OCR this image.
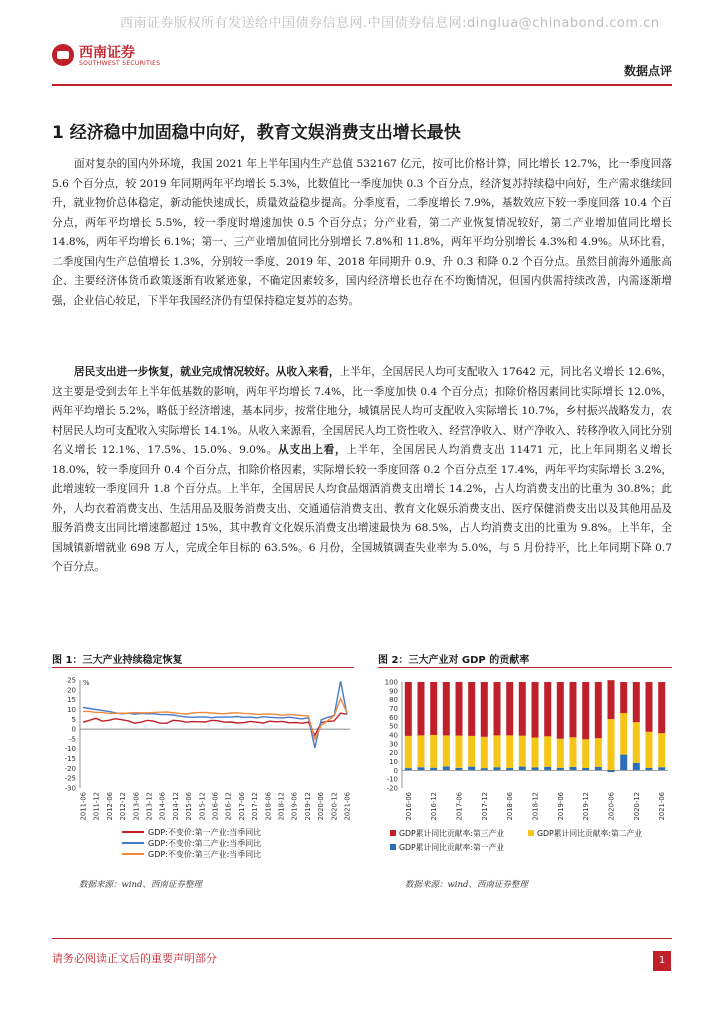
西南证券版权所有发送给中国债券信息网.中国债券信息网:dinglua@chinabond.com.cn
西南证券
SOUTHWEST SECURITIES
数据点评
1 经济稳中加固稳中向好，教育文娱消费支出增长最快

面对复杂的国内外环境，我国 2021 年上半年国内生产总值 532167 亿元，按可比价格计算，同比增长 12.7%，比一季度回落 5.6 个百分点，较 2019 年同期两年平均增长 5.3%，比数值比一季度加快 0.3 个百分点，经济复苏持续稳中向好，生产需求继续回升，就业物价总体稳定，新动能快速成长，质量效益稳步提高。分季度看，二季度增长 7.9%，基数效应下较一季度回落 10.4 个百分点，两年平均增长 5.5%，较一季度时增速加快 0.5 个百分点；分产业看，第二产业恢复情况较好，第二产业增加值同比增长 14.8%，两年平均增长 6.1%；第一、三产业增加值同比分别增长 7.8%和 11.8%，两年平均分别增长 4.3%和 4.9%。从环比看，二季度国内生产总值增长 1.3%，分别较一季度、2019 年、2018 年同期升 0.9、升 0.3 和降 0.2 个百分点。虽然目前海外通胀高企、主要经济体货币政策逐渐有收紧迹象，不确定因素较多，国内经济增长也存在不均衡情况，但国内供需持续改善，内需逐渐增强，企业信心较足，下半年我国经济仍有望保持稳定复苏的态势。

居民支出进一步恢复，就业完成情况较好。从收入来看，上半年，全国居民人均可支配收入 17642 元，同比名义增长 12.6%，这主要是受到去年上半年低基数的影响，两年平均增长 7.4%，比一季度加快 0.4 个百分点；扣除价格因素同比实际增长 12.0%，两年平均增长 5.2%，略低于经济增速，基本同步，按常住地分，城镇居民人均可支配收入实际增长 10.7%，乡村振兴战略发力，农村居民人均可支配收入实际增长 14.1%。从收入来源看，全国居民人均工资性收入、经营净收入、财产净收入、转移净收入同比分别名义增长 12.1%、17.5%、15.0%、9.0%。从支出上看，上半年，全国居民人均消费支出 11471 元，比上年同期名义增长 18.0%，较一季度回升 0.4 个百分点，扣除价格因素，实际增长较一季度回落 0.2 个百分点至 17.4%，两年平均实际增长 3.2%，此增速较一季度回升 1.8 个百分点。上半年，全国居民人均食品烟酒消费支出增长 14.2%，占人均消费支出的比重为 30.8%；此外，人均衣着消费支出、生活用品及服务消费支出、交通通信消费支出、教育文化娱乐消费支出、医疗保健消费支出以及其他用品及服务消费支出同比增速都超过 15%，其中教育文化娱乐消费支出增速最快为 68.5%，占人均消费支出的比重为 9.8%。上半年，全国城镇新增就业 698 万人，完成全年目标的 63.5%。6 月份，全国城镇调查失业率为 5.0%，与 5 月份持平，比上年同期下降 0.7 个百分点。

图 1：三大产业持续稳定恢复
%
25
20
15
10
5
0
-5
-10
-15
-20
-25
-30
2011-06 2011-12 2012-06 2012-12 2013-06 2013-12 2014-06 2014-12 2015-06 2015-12 2016-06 2016-12 2017-06 2017-12 2018-06 2018-12 2019-06 2019-12 2020-06 2020-12 2021-06
GDP:不变价:第一产业:当季同比
GDP:不变价:第二产业:当季同比
GDP:不变价:第三产业:当季同比
数据来源：wind、西南证券整理
图 2：三大产业对 GDP 的贡献率
100
90
80
70
60
50
40
30
20
10
0
-10
-20
2016-06	2016-12	2017-06	2017-12	2018-06	2018-12	2019-06	2019-12	2020-06	2020-12	2021-06
GDP累计同比贡献率:第三产业	GDP累计同比贡献率:第二产业
GDP累计同比贡献率:第一产业
数据来源：wind、西南证券整理
请务必阅读正文后的重要声明部分	1
